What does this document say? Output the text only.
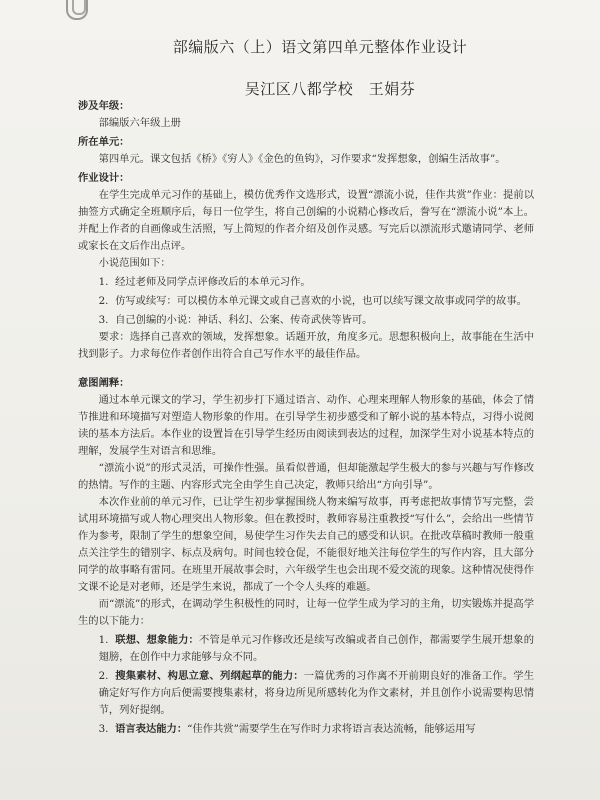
部编版六（上）语文第四单元整体作业设计
吴江区八都学校　王娟芬
涉及年级：
部编版六年级上册
所在单元：
第四单元。课文包括《桥》《穷人》《金色的鱼钩》，习作要求“发挥想象，创编生活故事”。
作业设计：
在学生完成单元习作的基础上，模仿优秀作文选形式，设置“漂流小说，佳作共赏”作业：提前以抽签方式确定全班顺序后，每日一位学生，将自己创编的小说精心修改后，誊写在“漂流小说”本上。并配上作者的自画像或生活照，写上简短的作者介绍及创作灵感。写完后以漂流形式邀请同学、老师或家长在文后作出点评。
小说范围如下：
1. 经过老师及同学点评修改后的本单元习作。
2. 仿写或续写：可以模仿本单元课文或自己喜欢的小说，也可以续写课文故事或同学的故事。
3. 自己创编的小说：神话、科幻、公案、传奇武侠等皆可。
要求：选择自己喜欢的领域，发挥想象。话题开放，角度多元。思想积极向上，故事能在生活中找到影子。力求每位作者创作出符合自己写作水平的最佳作品。
意图阐释：
通过本单元课文的学习，学生初步打下通过语言、动作、心理来理解人物形象的基础，体会了情节推进和环境描写对塑造人物形象的作用。在引导学生初步感受和了解小说的基本特点，习得小说阅读的基本方法后。本作业的设置旨在引导学生经历由阅读到表达的过程，加深学生对小说基本特点的理解，发展学生对语言和思维。
“漂流小说”的形式灵活，可操作性强。虽看似普通，但却能激起学生极大的参与兴趣与写作修改的热情。写作的主题、内容形式完全由学生自己决定，教师只给出“方向引导”。
本次作业前的单元习作，已让学生初步掌握围绕人物来编写故事，再考虑把故事情节写完整，尝试用环境描写或人物心理突出人物形象。但在教授时，教师容易注重教授“写什么”，会给出一些情节作为参考，限制了学生的想象空间，易使学生习作失去自己的感受和认识。在批改草稿时教师一般重点关注学生的错别字、标点及病句。时间也较仓促，不能很好地关注每位学生的写作内容，且大部分同学的故事略有雷同。在班里开展故事会时，六年级学生也会出现不爱交流的现象。这种情况使得作文课不论是对老师，还是学生来说，都成了一个令人头疼的难题。
而“漂流”的形式，在调动学生积极性的同时，让每一位学生成为学习的主角，切实锻炼并提高学生的以下能力：
1. 联想、想象能力：不管是单元习作修改还是续写改编或者自己创作，都需要学生展开想象的翅膀，在创作中力求能够与众不同。
2. 搜集素材、构思立意、列纲起草的能力：一篇优秀的习作离不开前期良好的准备工作。学生确定好写作方向后便需要搜集素材，将身边所见所感转化为作文素材，并且创作小说需要构思情节，列好提纲。
3. 语言表达能力：“佳作共赏”需要学生在写作时力求将语言表达流畅，能够运用写
